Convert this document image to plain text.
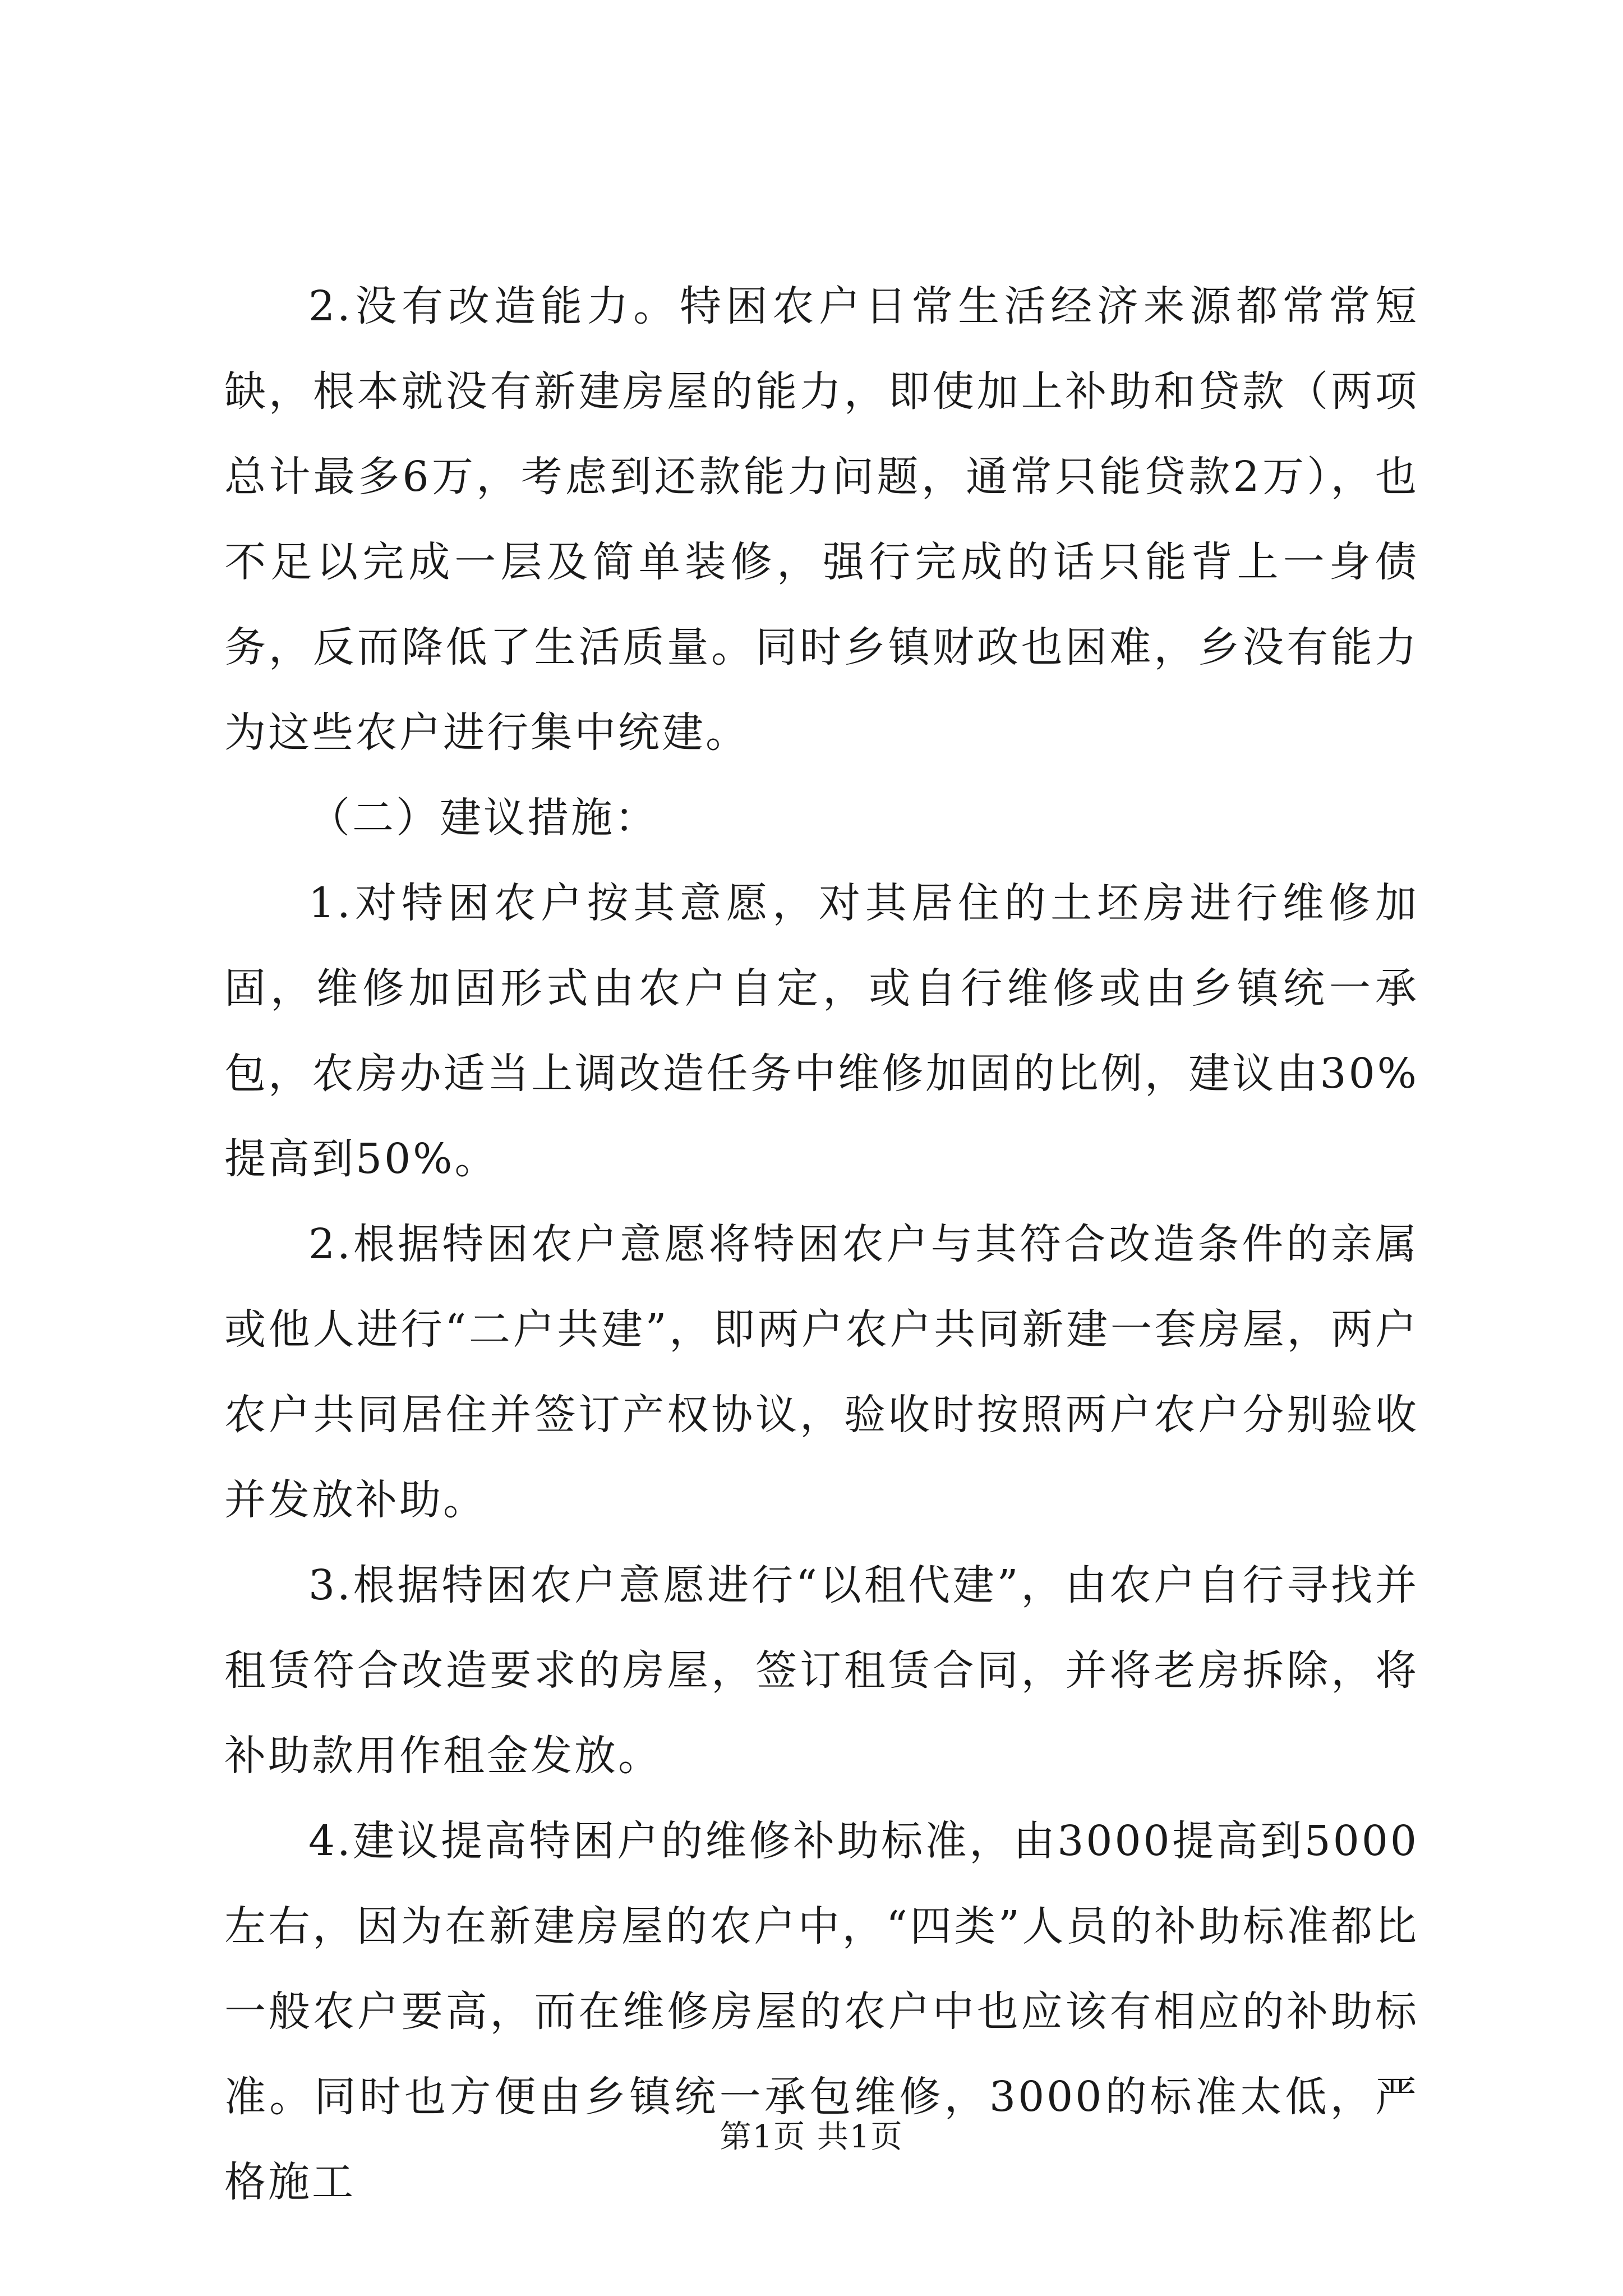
2.没有改造能力。特困农户日常生活经济来源都常常短缺，根本就没有新建房屋的能力，即使加上补助和贷款（两项总计最多6万，考虑到还款能力问题，通常只能贷款2万），也不足以完成一层及简单装修，强行完成的话只能背上一身债务，反而降低了生活质量。同时乡镇财政也困难，乡没有能力为这些农户进行集中统建。

（二）建议措施：

1.对特困农户按其意愿，对其居住的土坯房进行维修加固，维修加固形式由农户自定，或自行维修或由乡镇统一承包，农房办适当上调改造任务中维修加固的比例，建议由30%提高到50%。

2.根据特困农户意愿将特困农户与其符合改造条件的亲属或他人进行“二户共建”，即两户农户共同新建一套房屋，两户农户共同居住并签订产权协议，验收时按照两户农户分别验收并发放补助。

3.根据特困农户意愿进行“以租代建”，由农户自行寻找并租赁符合改造要求的房屋，签订租赁合同，并将老房拆除，将补助款用作租金发放。

4.建议提高特困户的维修补助标准，由3000提高到5000左右，因为在新建房屋的农户中，“四类”人员的补助标准都比一般农户要高，而在维修房屋的农户中也应该有相应的补助标准。同时也方便由乡镇统一承包维修，3000的标准太低，严格施工

第1页 共1页
